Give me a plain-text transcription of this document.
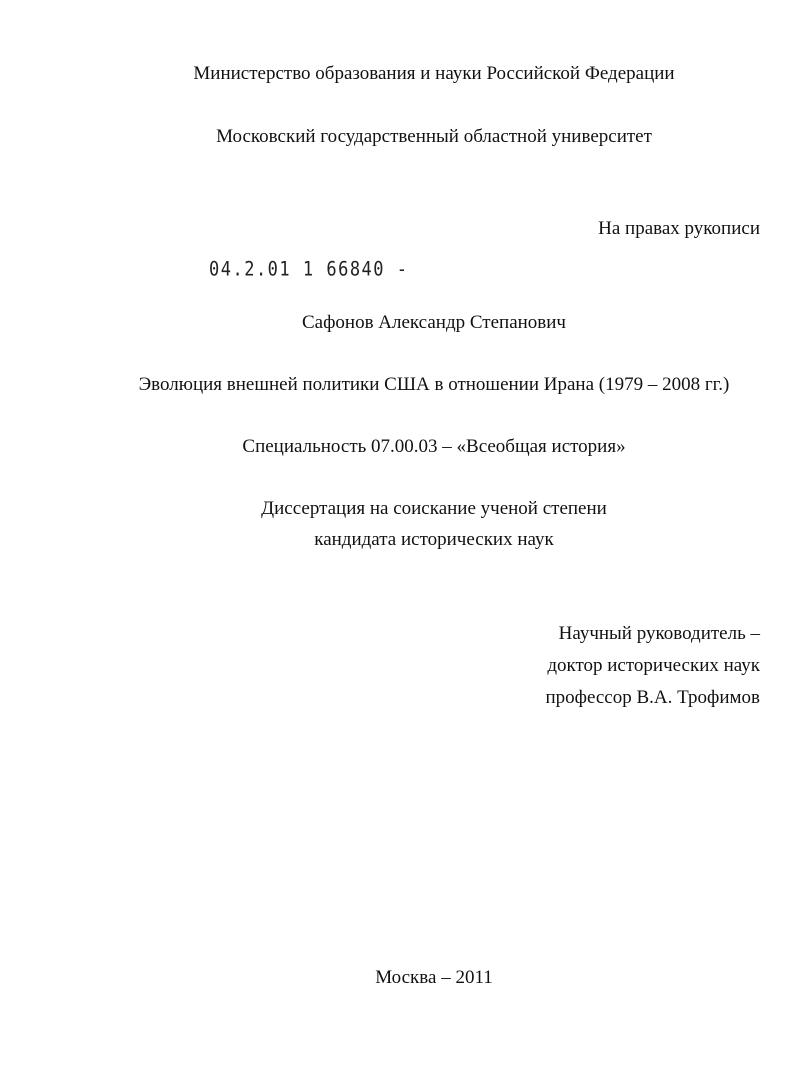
Министерство образования и науки Российской Федерации
Московский государственный областной университет
На правах рукописи
04.2.01 1 66840 -
Сафонов Александр Степанович
Эволюция внешней политики США в отношении Ирана (1979 – 2008 гг.)
Специальность 07.00.03 – «Всеобщая история»
Диссертация на соискание ученой степени
кандидата исторических наук
Научный руководитель –
доктор исторических наук
профессор В.А. Трофимов
Москва – 2011
